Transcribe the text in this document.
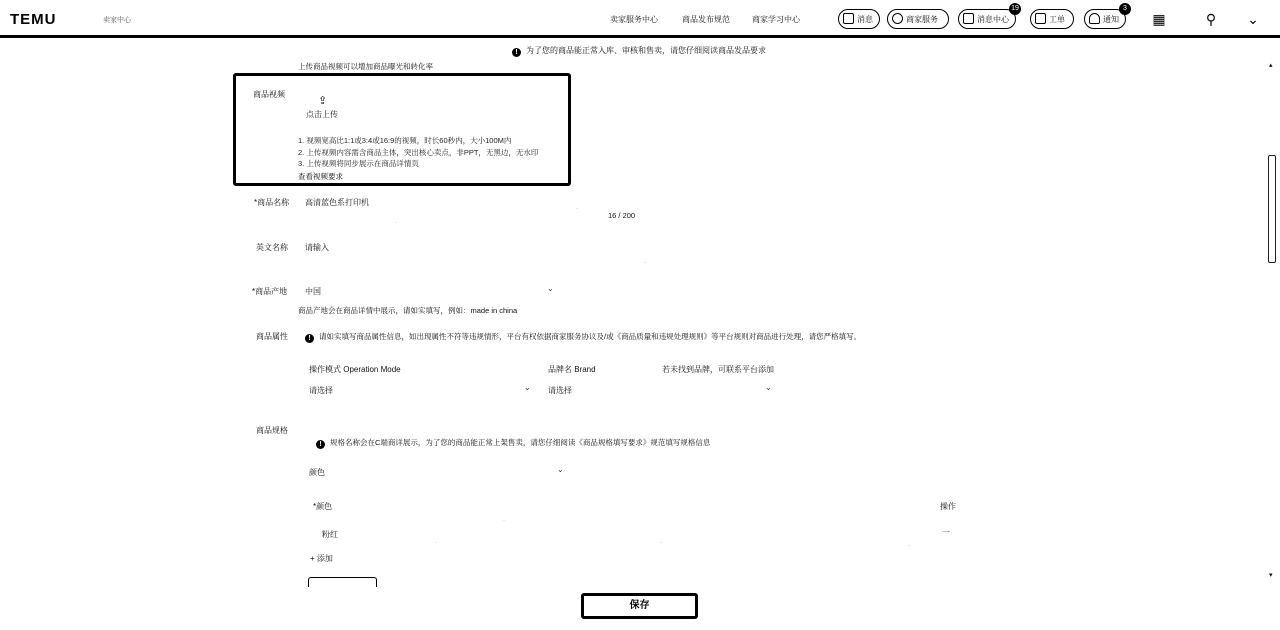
TEMU	卖家中心	卖家服务中心	商品发布规范	商家学习中心	消息	商家服务	消息中心
19
工单	通知
3
▦	⚲ ⌄
! 为了您的商品能正常入库、审核和售卖，请您仔细阅读商品发品要求
上传商品视频可以增加商品曝光和转化率
商品视频
⇪
点击上传
1. 视频宽高比1:1或3:4或16:9的视频，时长60秒内，大小100M内
2. 上传视频内容需含商品主体，突出核心卖点，非PPT，无黑边，无水印
3. 上传视频将同步展示在商品详情页
查看视频要求
*商品名称 高清蓝色系打印机
16 / 200
·
·
英文名称 请输入
·
*商品产地 中国	⌄
商品产地会在商品详情中展示，请如实填写，例如：made in china
商品属性	! 请如实填写商品属性信息，如出现属性不符等违规情形，平台有权依据商家服务协议及/或《商品质量和违规处理规则》等平台规则对商品进行处理，请您严格填写。
操作模式 Operation Mode
请选择	⌄
品牌名 Brand
请选择	⌄
若未找到品牌，可联系平台添加
商品规格
! 规格名称会在C端商详展示，为了您的商品能正常上架售卖，请您仔细阅读《商品规格填写要求》规范填写规格信息
颜色	⌄
*颜色	操作
粉红	一
+ 添加
·
·	·	·
▴
▾
保存
